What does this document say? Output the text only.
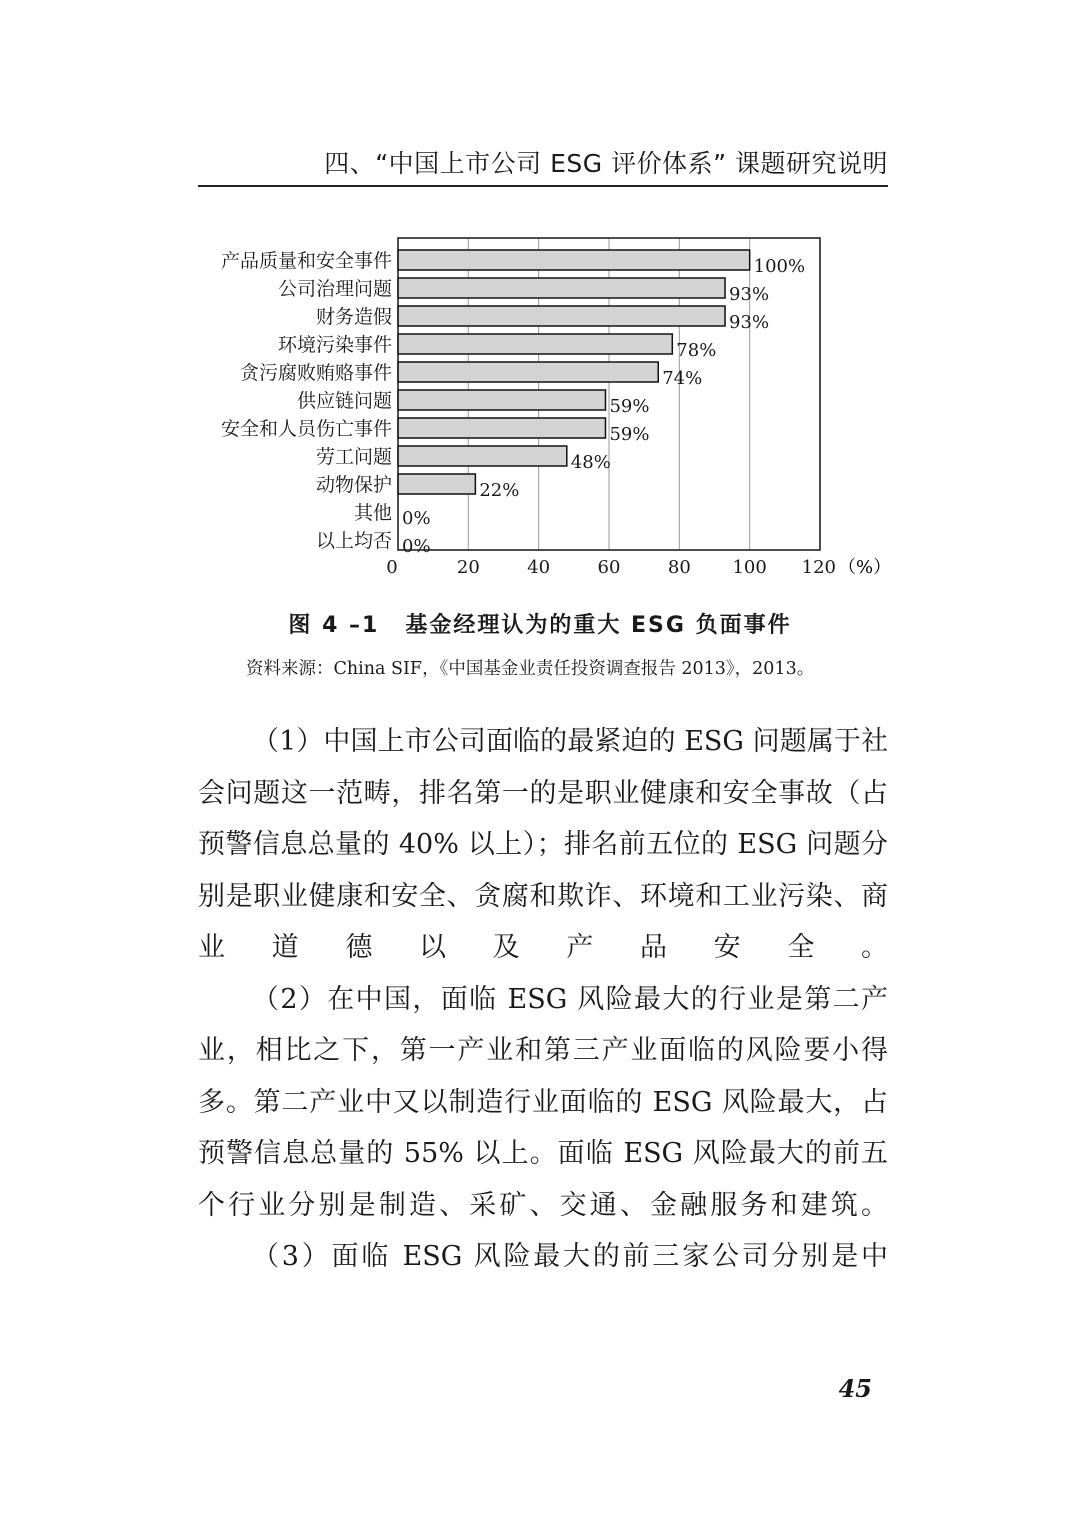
四、“中国上市公司 ESG 评价体系” 课题研究说明
产品质量和安全事件
公司治理问题
财务造假
环境污染事件
贪污腐败贿赂事件
供应链问题
安全和人员伤亡事件
劳工问题
动物保护
其他
以上均否
100%
93%
93%
78%
74%
59%
59%
48%
22%
0%
0%
0	20	40	60	80 100 120 （%）
图 4 –1 基金经理认为的重大 ESG 负面事件
资料来源：China SIF，《中国基金业责任投资调查报告 2013》，2013。

（1）中国上市公司面临的最紧迫的 ESG 问题属于社会问题这一范畴，排名第一的是职业健康和安全事故（占预警信息总量的 40% 以上）；排名前五位的 ESG 问题分别是职业健康和安全、贪腐和欺诈、环境和工业污染、商业道德以及产品安全。

（2）在中国，面临 ESG 风险最大的行业是第二产业，相比之下，第一产业和第三产业面临的风险要小得多。第二产业中又以制造行业面临的 ESG 风险最大，占预警信息总量的 55% 以上。面临 ESG 风险最大的前五个行业分别是制造、采矿、交通、金融服务和建筑。

（3）面临 ESG 风险最大的前三家公司分别是中

45
